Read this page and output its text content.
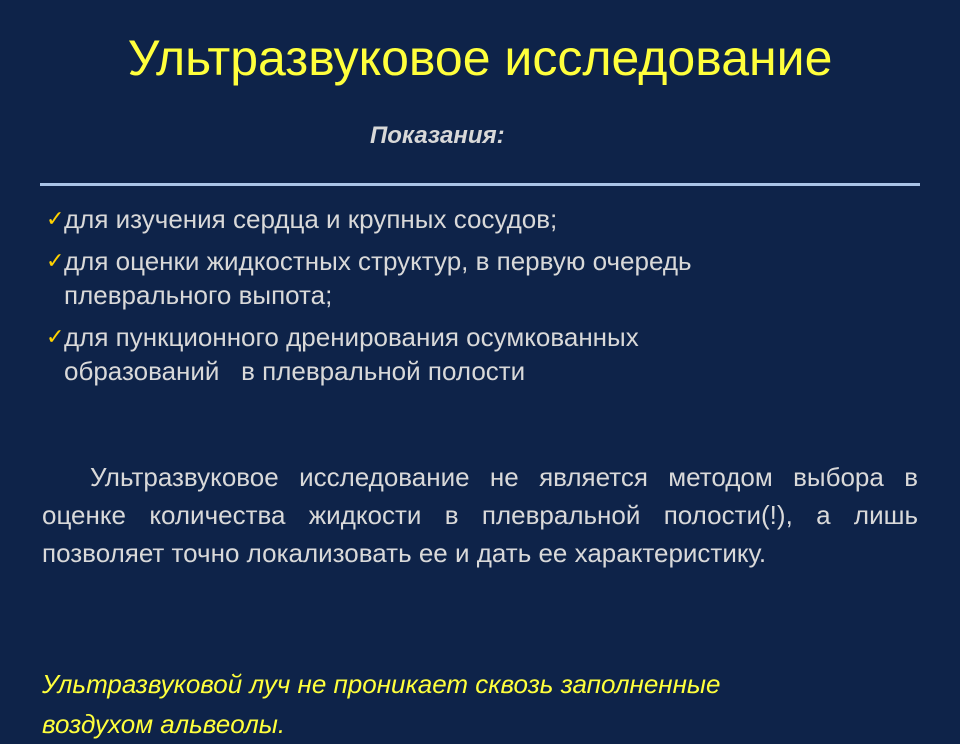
Ультразвуковое исследование
Показания:
✓ для изучения сердца и крупных сосудов;
✓ для оценки жидкостных структур, в первую очередь
плеврального выпота;
✓ для пункционного дренирования осумкованных
образований   в плевральной полости

Ультразвуковое исследование не является методом выбора в оценке количества жидкости в плевральной полости(!), а лишь позволяет точно локализовать ее и дать ее характеристику.

Ультразвуковой луч не проникает сквозь заполненные
воздухом альвеолы.
